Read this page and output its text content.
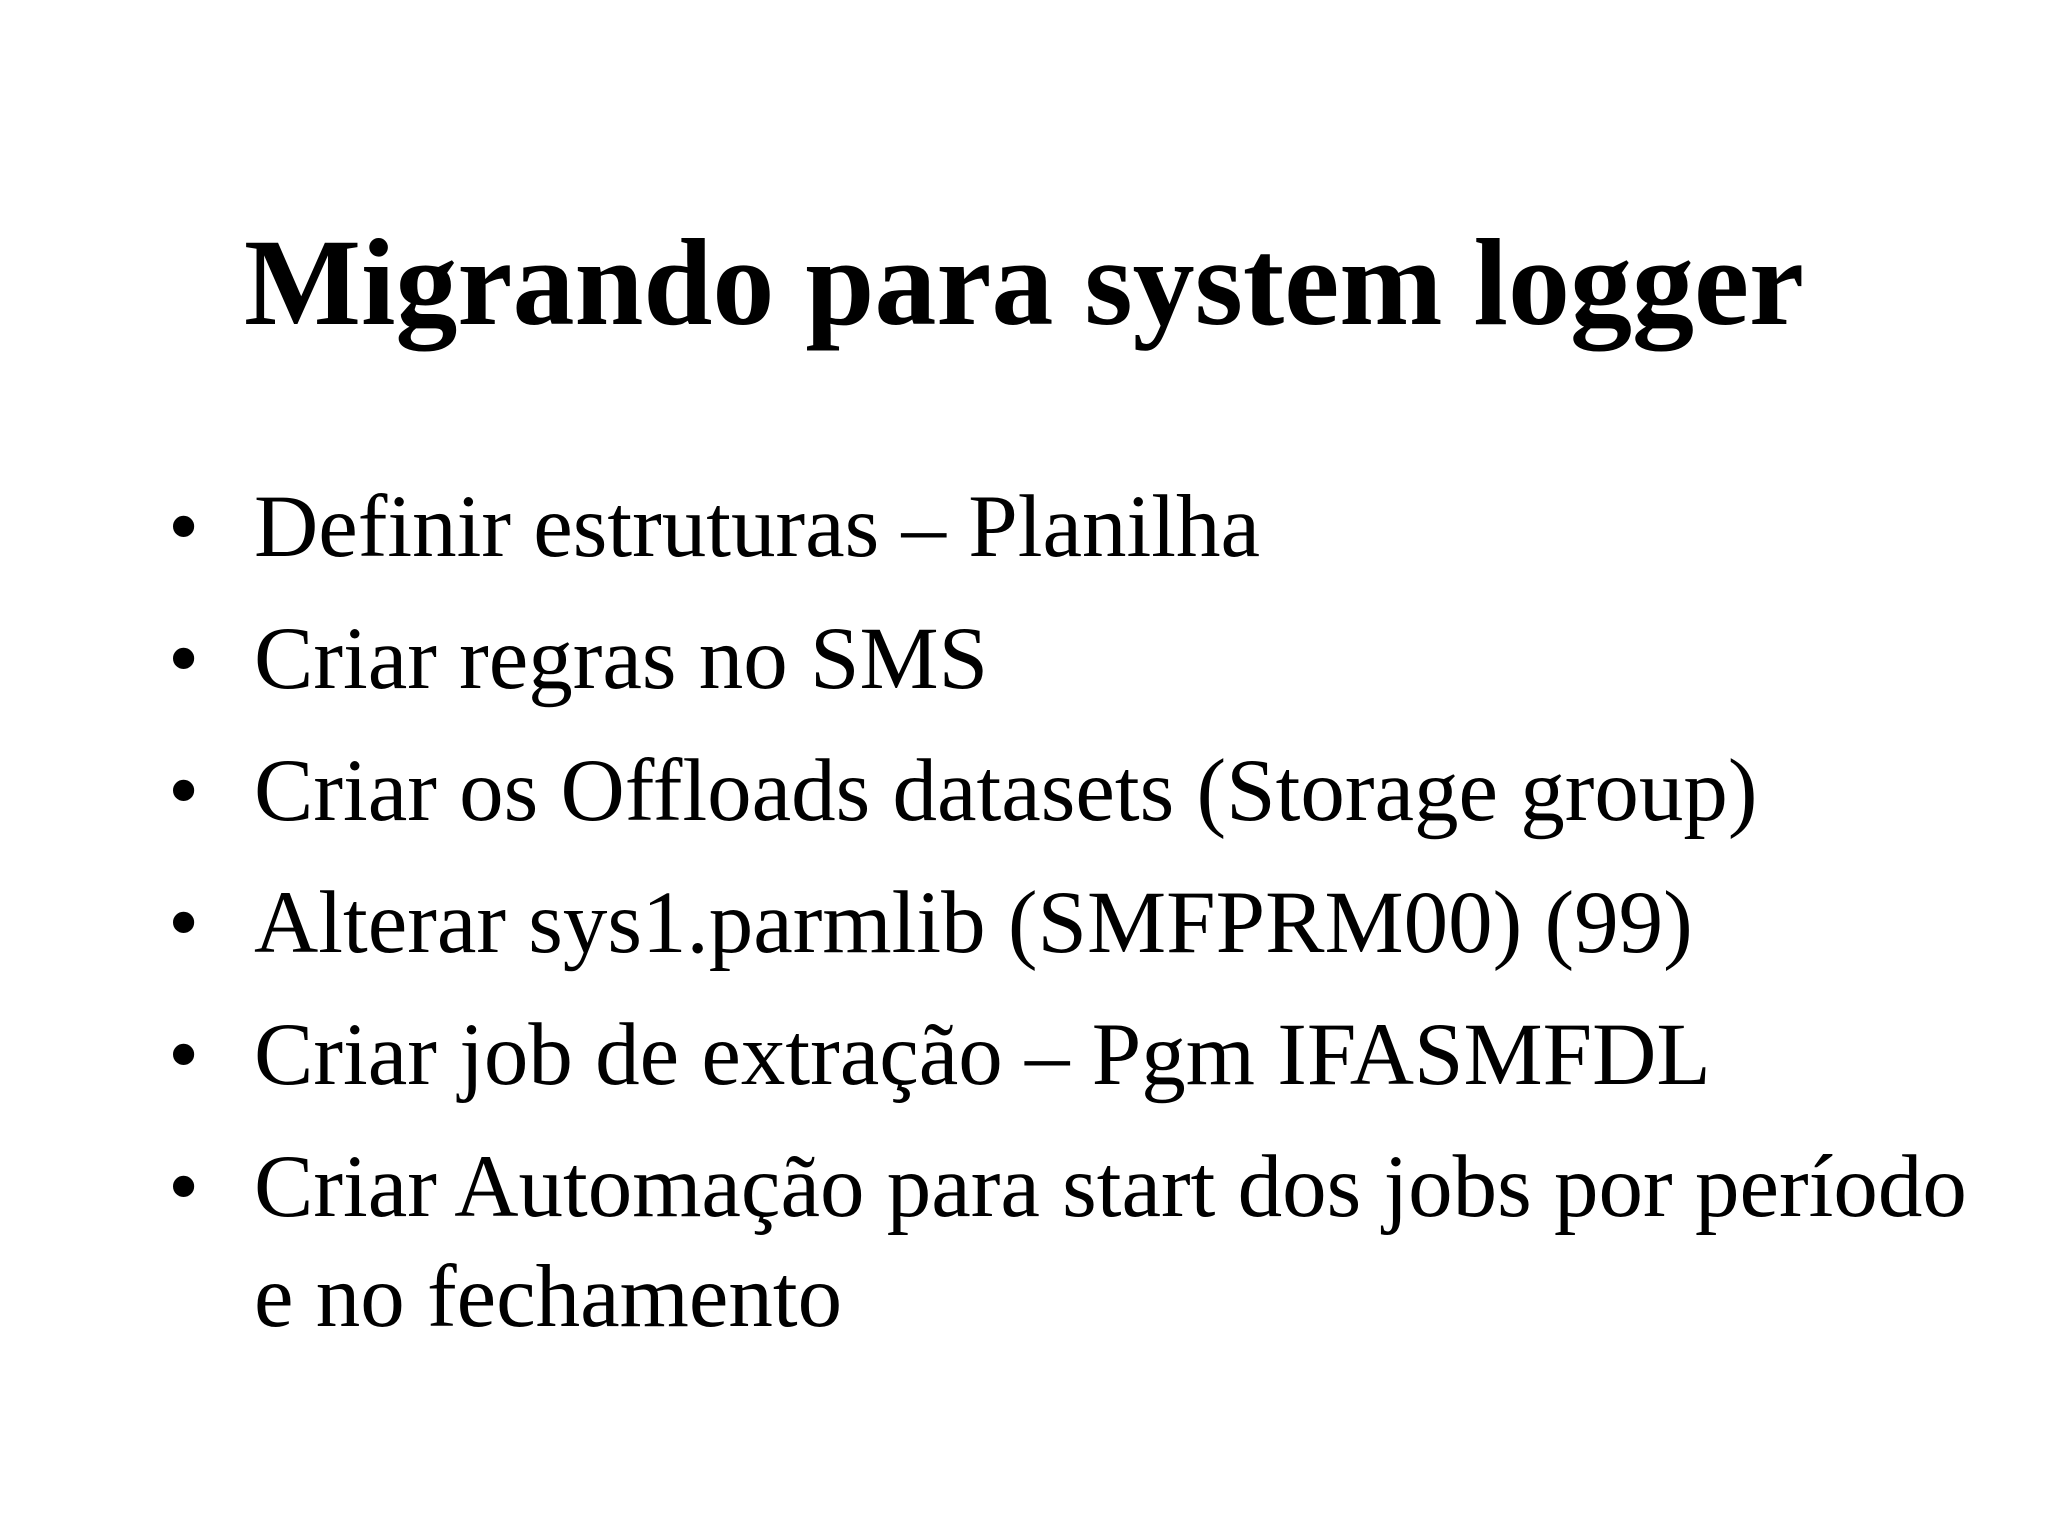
Migrando para system logger
• Definir estruturas – Planilha
• Criar regras no SMS
• Criar os Offloads datasets (Storage group)
• Alterar sys1.parmlib (SMFPRM00) (99)
• Criar job de extração – Pgm IFASMFDL
• Criar Automação para start dos jobs por período e no fechamento
